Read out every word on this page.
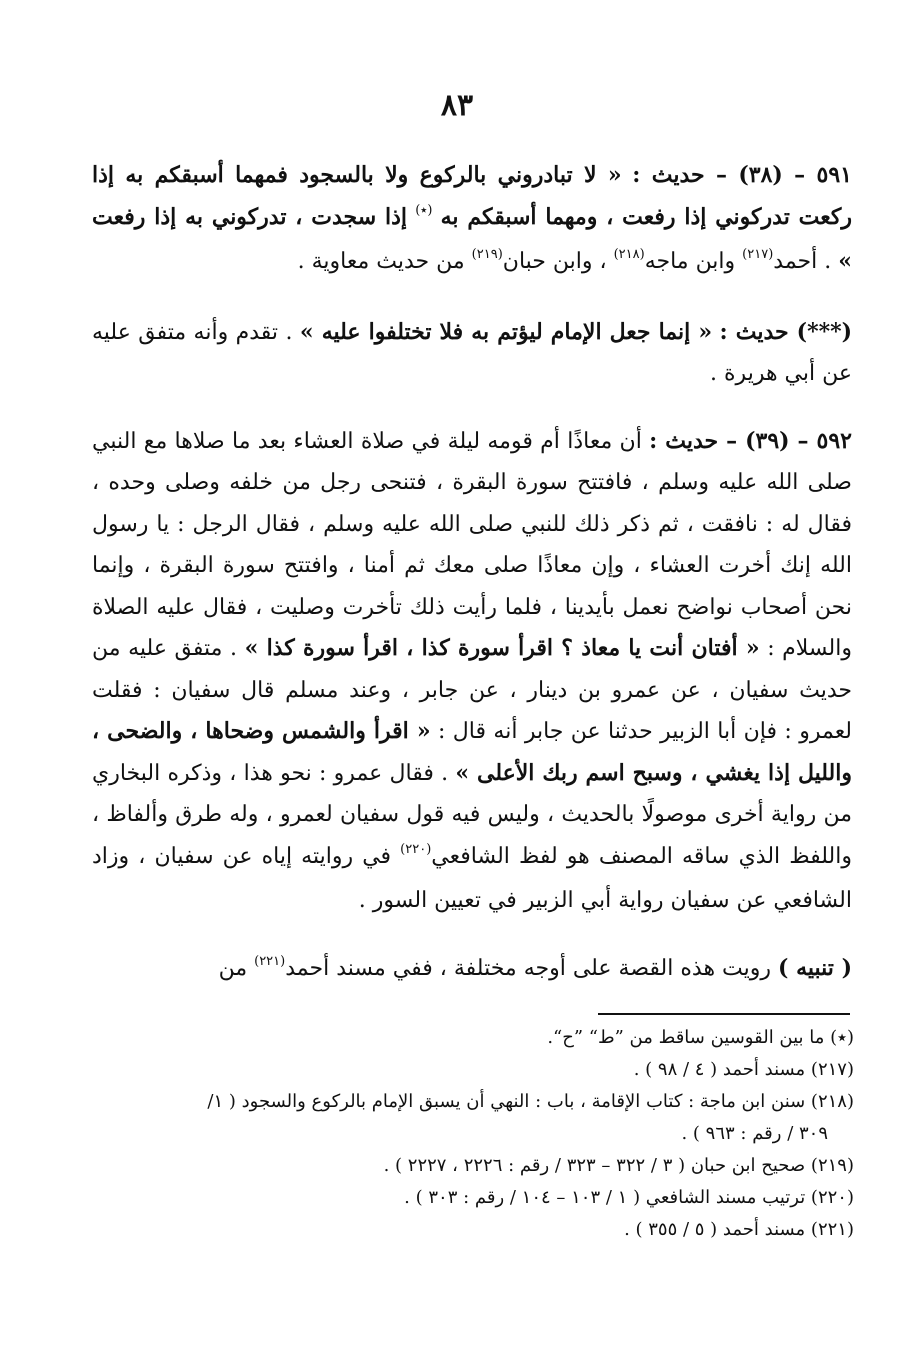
٨٣

٥٩١ – (٣٨) – حديث : « لا تبادروني بالركوع ولا بالسجود فمهما أسبقكم به إذا ركعت تدركوني إذا رفعت ، ومهما أسبقكم به (٭) إذا سجدت ، تدركوني به إذا رفعت » . أحمد$^{(٢١٧)}$ وابن ماجه$^{(٢١٨)}$ ، وابن حبان$^{(٢١٩)}$ من حديث معاوية .

(***) حديث : « إنما جعل الإمام ليؤتم به فلا تختلفوا عليه » . تقدم وأنه متفق عليه عن أبي هريرة .

٥٩٢ – (٣٩) – حديث : أن معاذًا أم قومه ليلة في صلاة العشاء بعد ما صلاها مع النبي صلى الله عليه وسلم ، فافتتح سورة البقرة ، فتنحى رجل من خلفه وصلى وحده ، فقال له : نافقت ، ثم ذكر ذلك للنبي صلى الله عليه وسلم ، فقال الرجل : يا رسول الله إنك أخرت العشاء ، وإن معاذًا صلى معك ثم أمنا ، وافتتح سورة البقرة ، وإنما نحن أصحاب نواضح نعمل بأيدينا ، فلما رأيت ذلك تأخرت وصليت ، فقال عليه الصلاة والسلام : « أفتان أنت يا معاذ ؟ اقرأ سورة كذا ، اقرأ سورة كذا » . متفق عليه من حديث سفيان ، عن عمرو بن دينار ، عن جابر ، وعند مسلم قال سفيان : فقلت لعمرو : فإن أبا الزبير حدثنا عن جابر أنه قال : « اقرأ والشمس وضحاها ، والضحى ، والليل إذا يغشي ، وسبح اسم ربك الأعلى » . فقال عمرو : نحو هذا ، وذكره البخاري من رواية أخرى موصولًا بالحديث ، وليس فيه قول سفيان لعمرو ، وله طرق وألفاظ ، واللفظ الذي ساقه المصنف هو لفظ الشافعي$^{(٢٢٠)}$ في روايته إياه عن سفيان ، وزاد الشافعي عن سفيان رواية أبي الزبير في تعيين السور .

( تنبيه ) رويت هذه القصة على أوجه مختلفة ، ففي مسند أحمد$^{(٢٢١)}$ من

(٭) ما بين القوسين ساقط من ”ط“ ”ح“.

(٢١٧) مسند أحمد ( ٤ / ٩٨ ) .

(٢١٨) سنن ابن ماجة : كتاب الإقامة ، باب : النهي أن يسبق الإمام بالركوع والسجود ( ١/

٣٠٩ / رقم : ٩٦٣ ) .

(٢١٩) صحيح ابن حبان ( ٣ / ٣٢٢ – ٣٢٣ / رقم : ٢٢٢٦ ، ٢٢٢٧ ) .

(٢٢٠) ترتيب مسند الشافعي ( ١ / ١٠٣ – ١٠٤ / رقم : ٣٠٣ ) .

(٢٢١) مسند أحمد ( ٥ / ٣٥٥ ) .
